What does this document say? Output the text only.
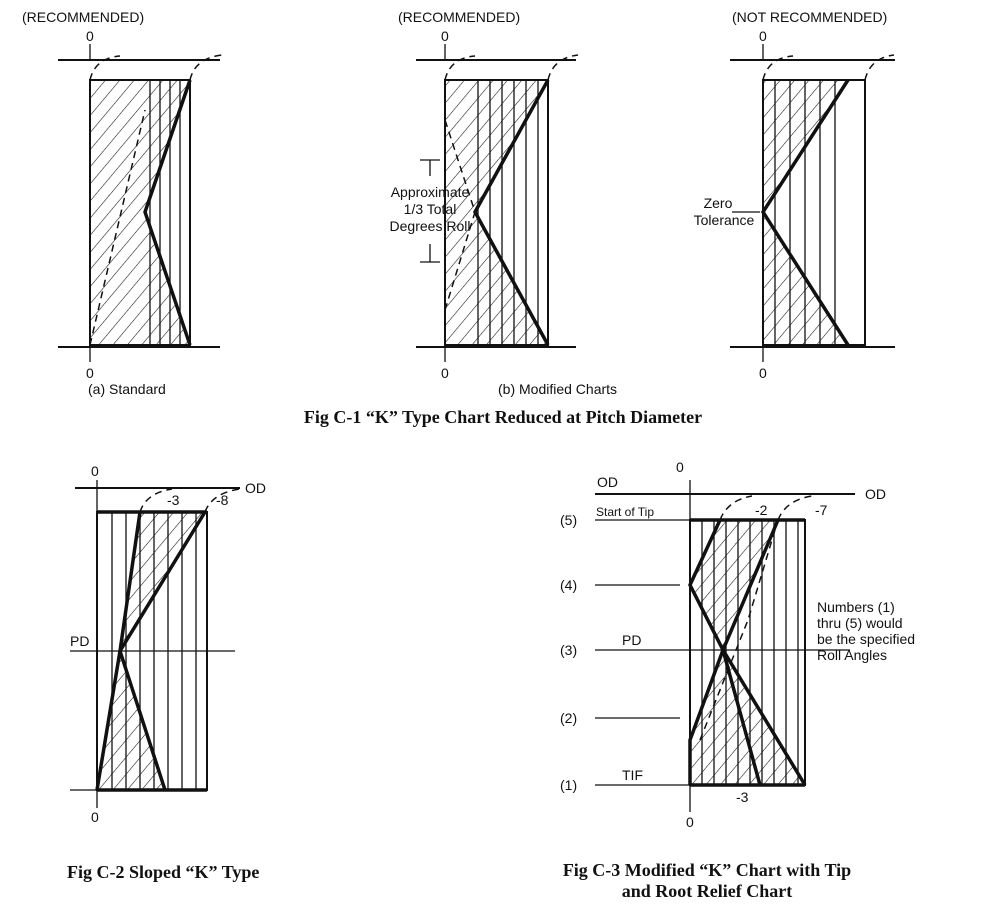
(RECOMMENDED)
0
0
(a) Standard
(RECOMMENDED)
0
Approximate
1/3 Total
Degrees Roll
0
(b) Modified Charts
(NOT RECOMMENDED)
0
Zero
Tolerance
0
Fig C-1 “K” Type Chart Reduced at Pitch Diameter
0
OD
-3	-8
PD
0
Fig C-2 Sloped “K” Type
0
OD
OD
-2	-7
(5)
(4)
(3)
(2)
(1)
Start of Tip
PD
TIF
Numbers (1)
thru (5) would
be the specified
Roll Angles
-3
0
Fig C-3 Modified “K” Chart with Tip
and Root Relief Chart
